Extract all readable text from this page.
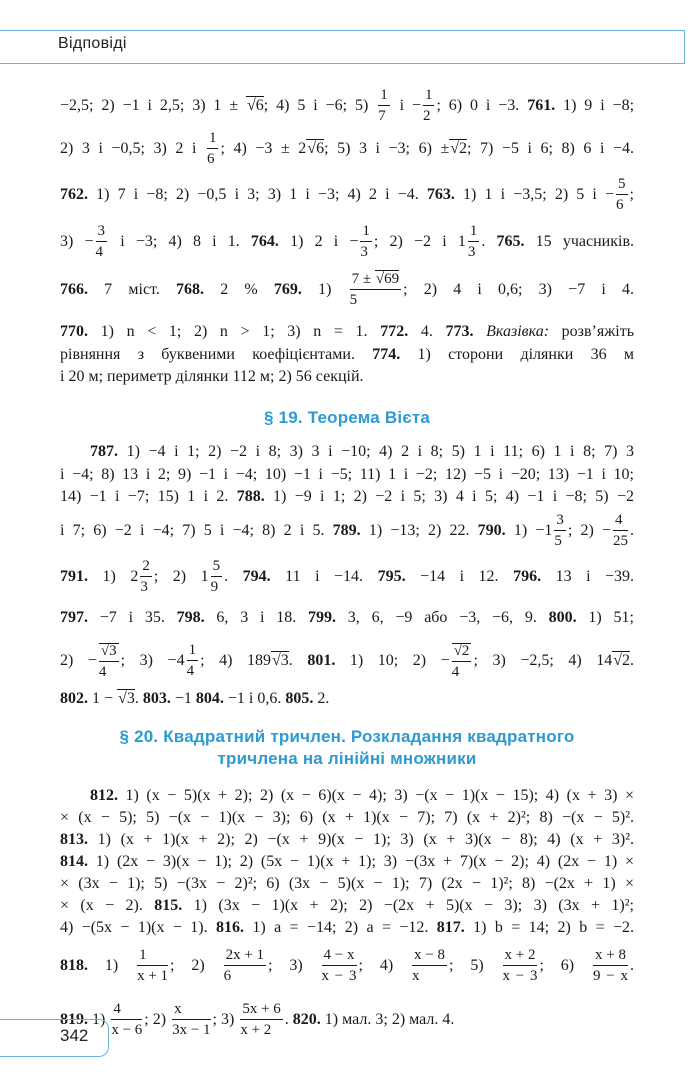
Відповіді
−2,5; 2) −1 і 2,5; 3) 1 ± √6; 4) 5 і −6; $5) \frac{1}{7}$ $і - \frac{1}{2}$ ; 6) 0 і −3. 761. 1) 9 і −8;
2) 3 і −0,5; 3) 2 і $\frac{1}{6}$ ; 4) −3 ± 2√6; 5) 3 і −3; 6) ±√2; 7) −5 і 6; 8) 6 і −4.
762. 1) 7 і −8; 2) −0,5 і 3; 3) 1 і −3; 4) 2 і −4. 763. 1) 1 і −3,5; 2) 5 $і - \frac{5}{6}$ ;
$3) - \frac{3}{4}$ і −3; 4) 8 і 1. 764. 1) 2 $і - \frac{1}{3}$ ; 2) −2 і $1 \frac{1}{3}$ . 765. 15 учасників.
766. 7 міст. 768. 2 % 769. $1) \frac{7 \pm √69}{5}$ ; 2) 4 і 0,6; 3) −7 і 4.
770. 1) n < 1; 2) n > 1; 3) n = 1. 772. 4. 773. Вказівка: розв’яжіть
рівняння з буквеними коефіцієнтами. 774. 1) сторони ділянки 36 м
і 20 м; периметр ділянки 112 м; 2) 56 секцій.
§ 19. Теорема Вієта
787. 1) −4 і 1; 2) −2 і 8; 3) 3 і −10; 4) 2 і 8; 5) 1 і 11; 6) 1 і 8; 7) 3
і −4; 8) 13 і 2; 9) −1 і −4; 10) −1 і −5; 11) 1 і −2; 12) −5 і −20; 13) −1 і 10;
14) −1 і −7; 15) 1 і 2. 788. 1) −9 і 1; 2) −2 і 5; 3) 4 і 5; 4) −1 і −8; 5) −2
і 7; 6) −2 і −4; 7) 5 і −4; 8) 2 і 5. 789. 1) −13; 2) 22. 790. $1) -1 \frac{3}{5}$ ; $2) - \frac{4}{25}$ .
791. 1) $2 \frac{2}{3}$ ; 2) $1 \frac{5}{9}$ . 794. 11 і −14. 795. −14 і 12. 796. 13 і −39.
797. −7 і 35. 798. 6, 3 і 18. 799. 3, 6, −9 або −3, −6, 9. 800. 1) 51;
$2) - \frac{√3}{4}$ ; $3) -4 \frac{1}{4}$ ; 4) 189√3. 801. 1) 10; $2) - \frac{√2}{4}$ ; 3) −2,5; 4) 14√2.
802. 1 − √3. 803. −1 804. −1 і 0,6. 805. 2.
§ 20. Квадратний тричлен. Розкладання квадратного
тричлена на лінійні множники
812. 1) (x − 5)(x + 2); 2) (x − 6)(x − 4); 3) −(x − 1)(x − 15); 4) (x + 3) ×
× (x − 5); 5) −(x − 1)(x − 3); 6) (x + 1)(x − 7); 7) (x + 2)²; 8) −(x − 5)².
813. 1) (x + 1)(x + 2); 2) −(x + 9)(x − 1); 3) (x + 3)(x − 8); 4) (x + 3)².
814. 1) (2x − 3)(x − 1); 2) (5x − 1)(x + 1); 3) −(3x + 7)(x − 2); 4) (2x − 1) ×
× (3x − 1); 5) −(3x − 2)²; 6) (3x − 5)(x − 1); 7) (2x − 1)²; 8) −(2x + 1) ×
× (x − 2). 815. 1) (3x − 1)(x + 2); 2) −(2x + 5)(x − 3); 3) (3x + 1)²;
4) −(5x − 1)(x − 1). 816. 1) a = −14; 2) a = −12. 817. 1) b = 14; 2) b = −2.
818. $1) \frac{1}{x + 1}$ ; $2) \frac{2x + 1}{6}$ ; $3) \frac{4 - x}{x - 3}$ ; $4) \frac{x - 8}{x}$ ; $5) \frac{x + 2}{x - 3}$ ; $6) \frac{x + 8}{9 - x}$ .
819. $1) \frac{4}{x - 6}$ ; $2) \frac{x}{3x - 1}$ ; $3) \frac{5x + 6}{x + 2}$ . 820. 1) мал. 3; 2) мал. 4.
342
